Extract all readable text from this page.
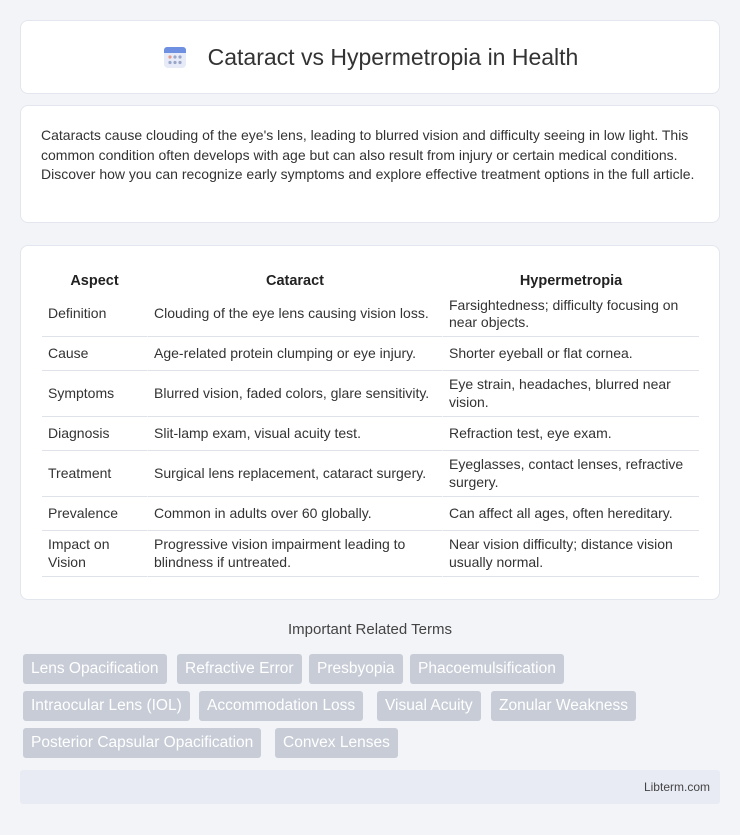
Cataract vs Hypermetropia in Health

Cataracts cause clouding of the eye's lens, leading to blurred vision and difficulty seeing in low light. This common condition often develops with age but can also result from injury or certain medical conditions. Discover how you can recognize early symptoms and explore effective treatment options in the full article.

Aspect	Cataract	Hypermetropia
Definition	Clouding of the eye lens causing vision loss.	Farsightedness; difficulty focusing on near objects.
Cause	Age-related protein clumping or eye injury.	Shorter eyeball or flat cornea.
Symptoms	Blurred vision, faded colors, glare sensitivity.	Eye strain, headaches, blurred near vision.
Diagnosis	Slit-lamp exam, visual acuity test.	Refraction test, eye exam.
Treatment	Surgical lens replacement, cataract surgery.	Eyeglasses, contact lenses, refractive surgery.
Prevalence	Common in adults over 60 globally.	Can affect all ages, often hereditary.
Impact on Vision	Progressive vision impairment leading to blindness if untreated.	Near vision difficulty; distance vision usually normal.
Important Related Terms
Lens Opacification	Refractive Error	Presbyopia	Phacoemulsification
Intraocular Lens (IOL)	Accommodation Loss	Visual Acuity	Zonular Weakness
Posterior Capsular Opacification	Convex Lenses
Libterm.com
